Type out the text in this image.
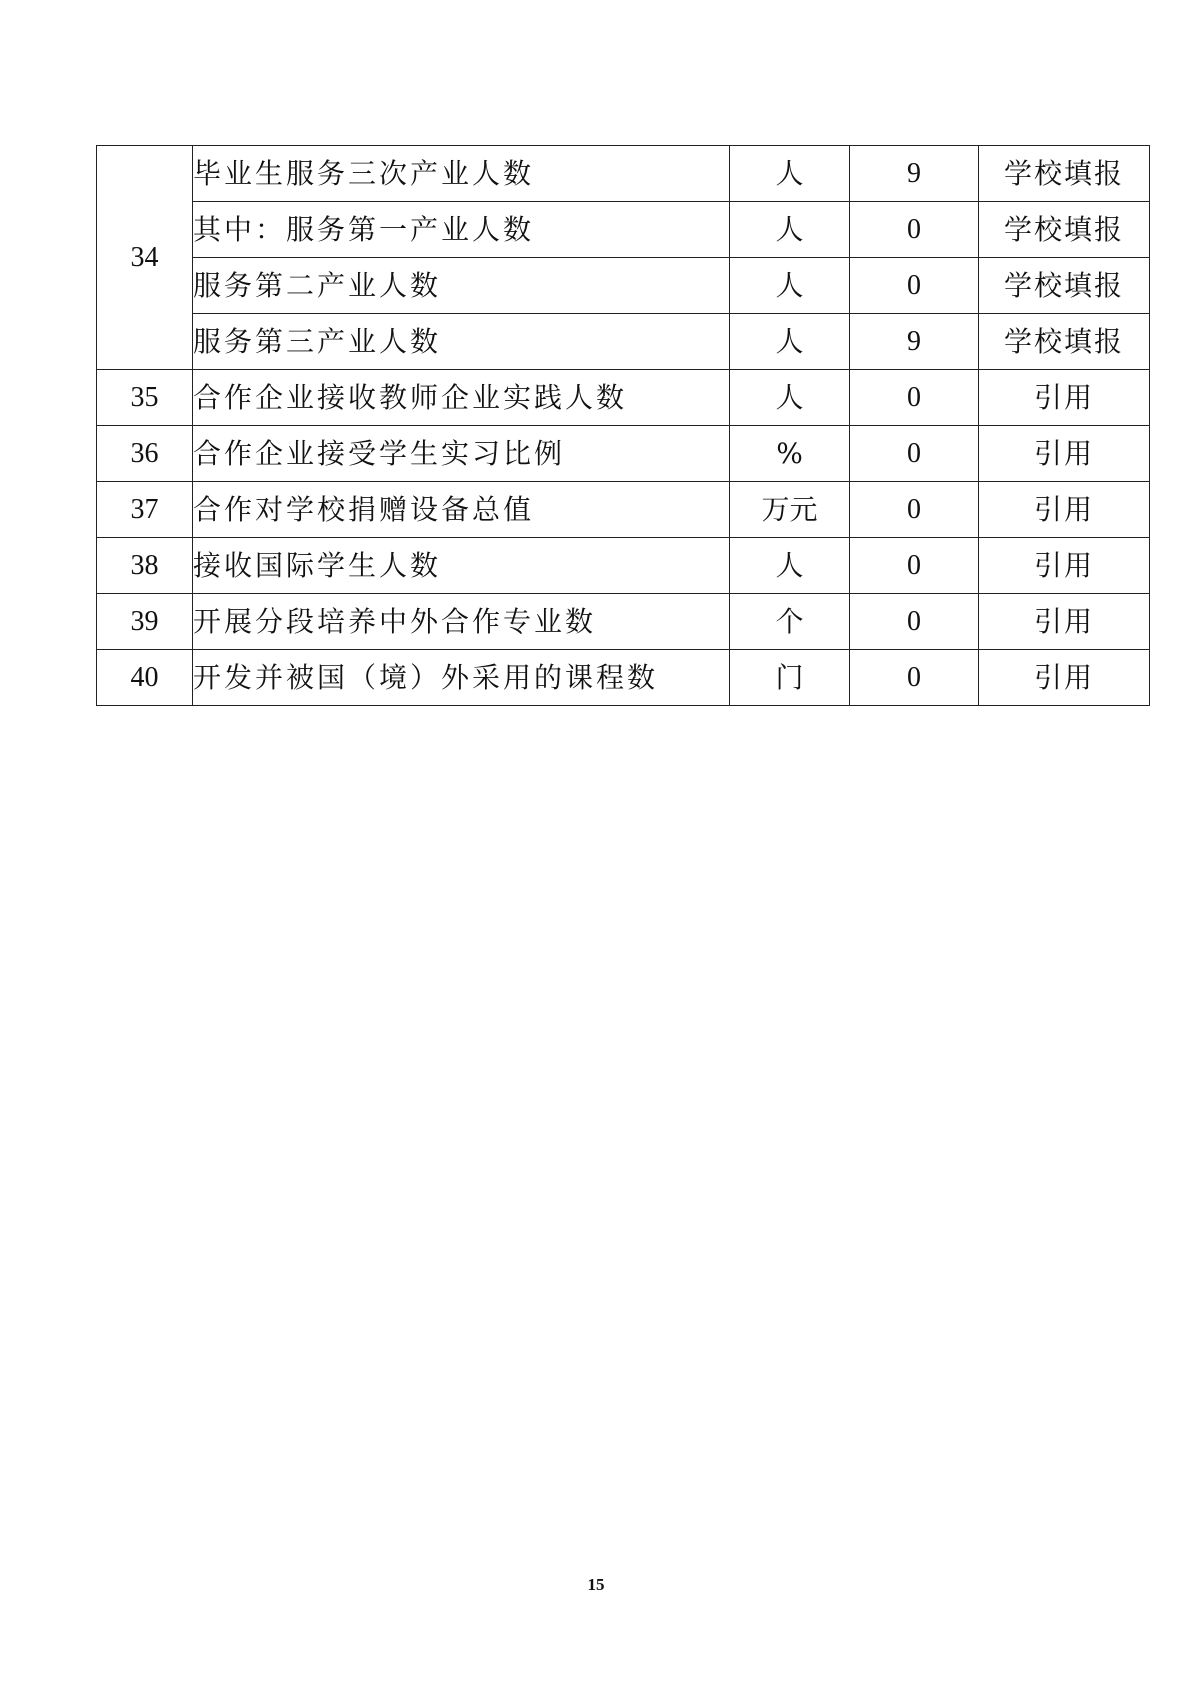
34	毕业生服务三次产业人数	人	9	学校填报
	其中：服务第一产业人数	人	0	学校填报
	服务第二产业人数	人	0	学校填报
	服务第三产业人数	人	9	学校填报
35	合作企业接收教师企业实践人数	人	0	引用
36	合作企业接受学生实习比例	%	0	引用
37	合作对学校捐赠设备总值	万元	0	引用
38	接收国际学生人数	人	0	引用
39	开展分段培养中外合作专业数	个	0	引用
40	开发并被国（境）外采用的课程数	门	0	引用
15
